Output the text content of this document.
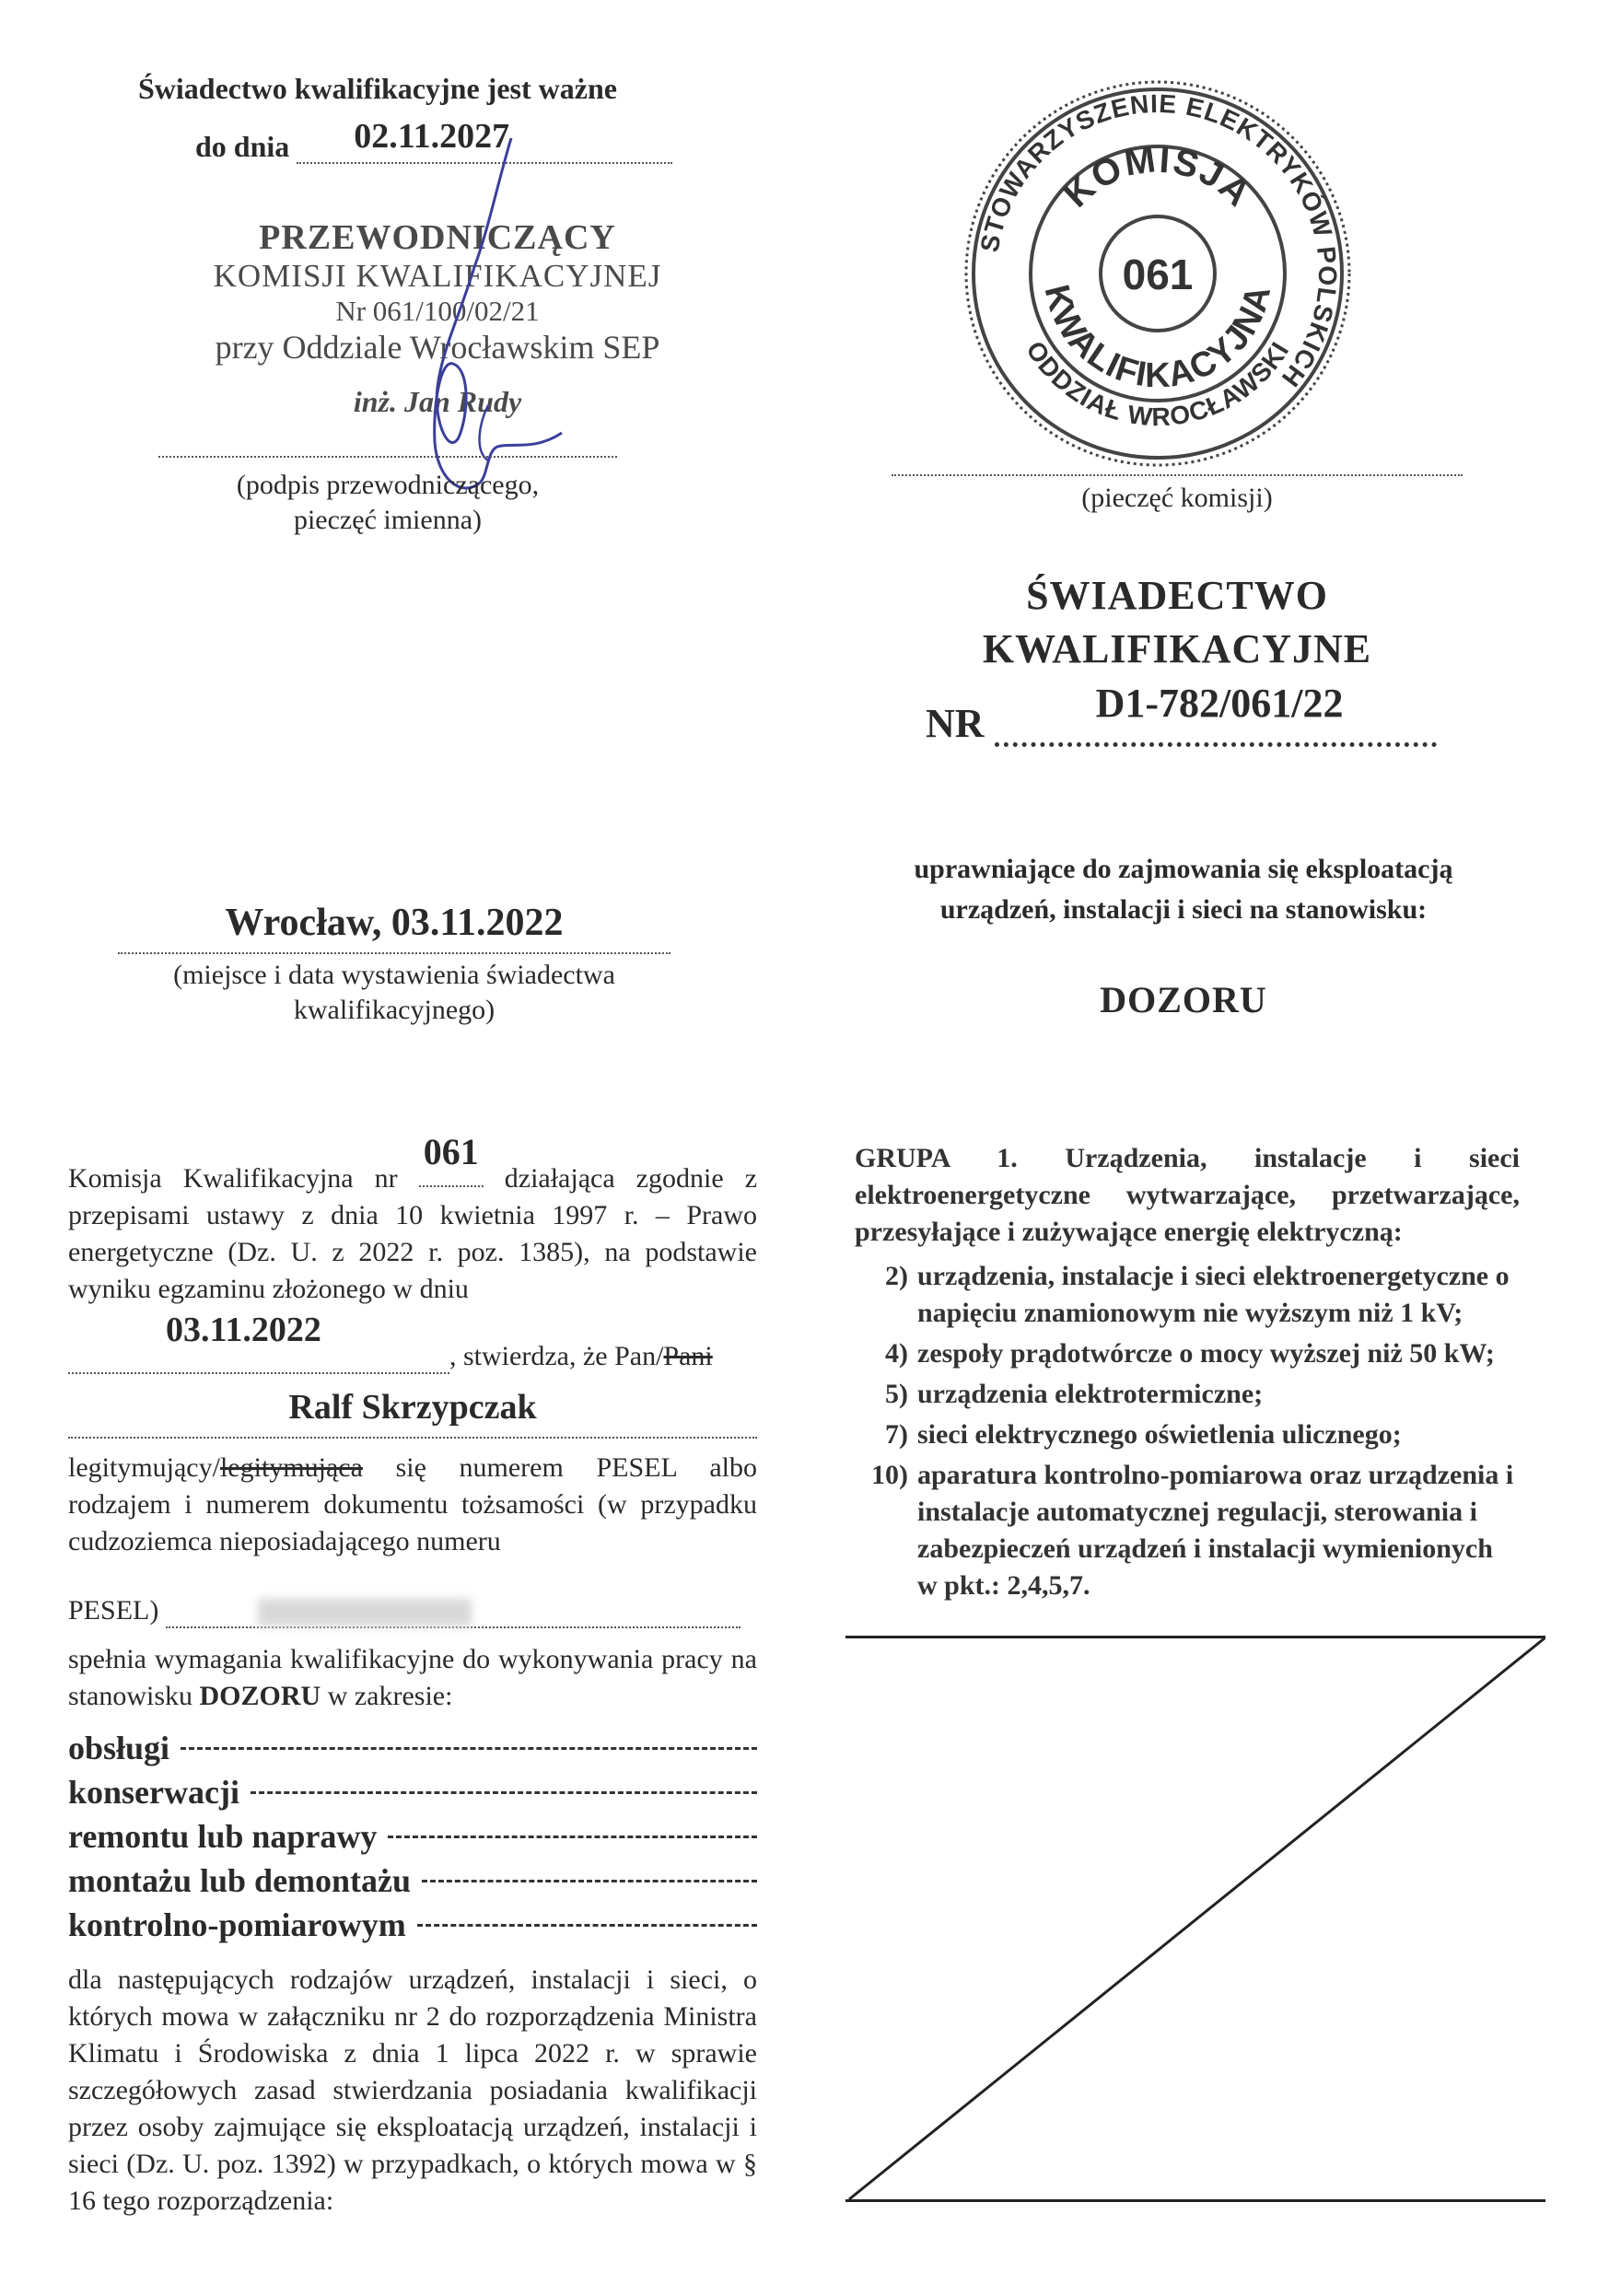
Świadectwo kwalifikacyjne jest ważne
do dnia 02.11.2027
PRZEWODNICZĄCY
KOMISJI KWALIFIKACYJNEJ
Nr 061/100/02/21
przy Oddziale Wrocławskim SEP
inż. Jan Rudy
(podpis przewodniczącego,
pieczęć imienna)
STOWARZYSZENIE ELEKTRYKÓW POLSKICH
ODDZIAŁ WROCŁAWSKI
KOMISJA
KWALIFIKACYJNA
061
(pieczęć komisji)
ŚWIADECTWO
KWALIFIKACYJNE
NR	D1-782/061/22
Wrocław, 03.11.2022
(miejsce i data wystawienia świadectwa
kwalifikacyjnego)
uprawniające do zajmowania się eksploatacją
urządzeń, instalacji i sieci na stanowisku:
DOZORU

Komisja Kwalifikacyjna nr
061
działająca zgodnie z przepisami ustawy z dnia 10 kwietnia 1997 r. – Prawo energetyczne (Dz. U. z 2022 r. poz. 1385), na podstawie wyniku egzaminu złożonego w dniu

03.11.2022
, stwierdza, że Pan/Pani
Ralf Skrzypczak

legitymujący/legitymująca się numerem PESEL albo rodzajem i numerem dokumentu tożsamości (w przypadku cudzoziemca nieposiadającego numeru

PESEL)

spełnia wymagania kwalifikacyjne do wykonywania pracy na stanowisku DOZORU w zakresie:

obsługi
konserwacji
remontu lub naprawy
montażu lub demontażu
kontrolno-pomiarowym

dla następujących rodzajów urządzeń, instalacji i sieci, o których mowa w załączniku nr 2 do rozporządzenia Ministra Klimatu i Środowiska z dnia 1 lipca 2022 r. w sprawie szczegółowych zasad stwierdzania posiadania kwalifikacji przez osoby zajmujące się eksploatacją urządzeń, instalacji i sieci (Dz. U. poz. 1392) w przypadkach, o których mowa w § 16 tego rozporządzenia:

GRUPA 1. Urządzenia, instalacje i sieci elektroenergetyczne wytwarzające, przetwarzające, przesyłające i zużywające energię elektryczną:

2) urządzenia, instalacje i sieci elektroenergetyczne o napięciu znamionowym nie wyższym niż 1 kV;
4) zespoły prądotwórcze o mocy wyższej niż 50 kW;
5) urządzenia elektrotermiczne;
7) sieci elektrycznego oświetlenia ulicznego;
10) aparatura kontrolno-pomiarowa oraz urządzenia i instalacje automatycznej regulacji, sterowania i zabezpieczeń urządzeń i instalacji wymienionych w pkt.: 2,4,5,7.
